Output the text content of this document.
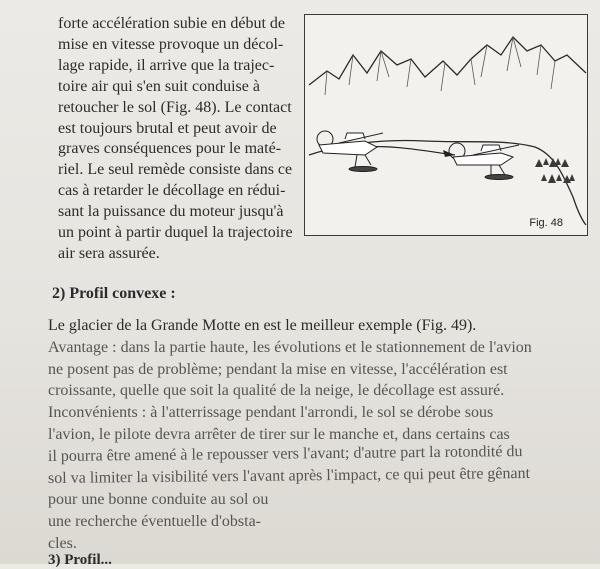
forte accélération subie en début de
mise en vitesse provoque un décol-
lage rapide, il arrive que la trajec-
toire air qui s'en suit conduise à
retoucher le sol (Fig. 48). Le contact
est toujours brutal et peut avoir de
graves conséquences pour le maté-
riel. Le seul remède consiste dans ce
cas à retarder le décollage en rédui-
sant la puissance du moteur jusqu'à
un point à partir duquel la trajectoire
air sera assurée.
Fig. 48
2) Profil convexe :
Le glacier de la Grande Motte en est le meilleur exemple (Fig. 49).
Avantage : dans la partie haute, les évolutions et le stationnement de l'avion
ne posent pas de problème; pendant la mise en vitesse, l'accélération est
croissante, quelle que soit la qualité de la neige, le décollage est assuré.
Inconvénients : à l'atterrissage pendant l'arrondi, le sol se dérobe sous
l'avion, le pilote devra arrêter de tirer sur le manche et, dans certains cas
il pourra être amené à le repousser vers l'avant; d'autre part la rotondité du
sol va limiter la visibilité vers l'avant après l'impact, ce qui peut être gênant
pour une bonne conduite au sol ou
une recherche éventuelle d'obsta-
cles.
3) Profil...
